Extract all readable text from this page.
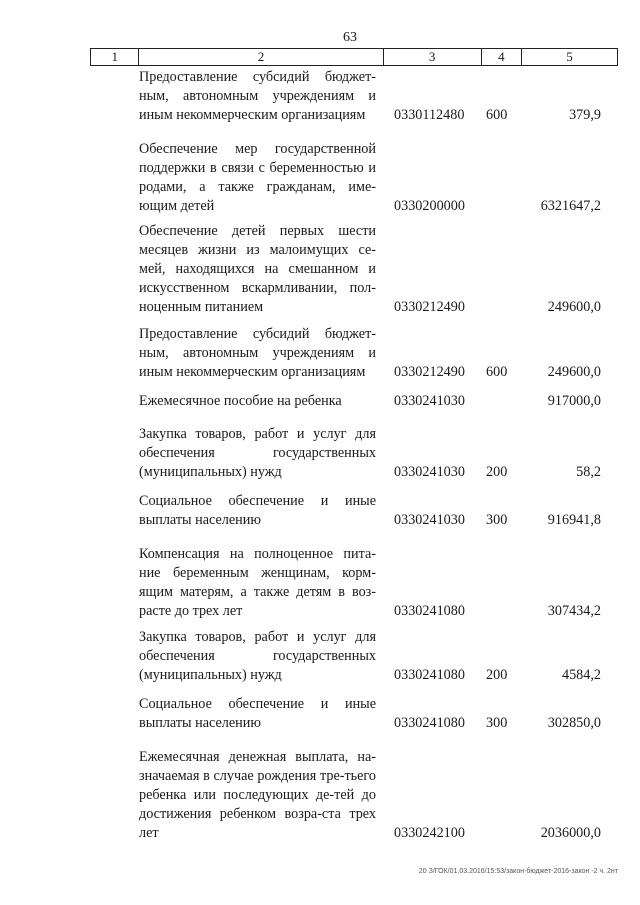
63
1	2	3	4	5
Предоставление субсидий бюджет-ным, автономным учреждениям и иным некоммерческим организациям	0330112480 600	379,9
Обеспечение мер государственной поддержки в связи с беременностью и родами, а также гражданам, име-ющим детей	0330200000	6321647,2
Обеспечение детей первых шести месяцев жизни из малоимущих се-мей, находящихся на смешанном и искусственном вскармливании, пол-ноценным питанием	0330212490	249600,0
Предоставление субсидий бюджет-ным, автономным учреждениям и иным некоммерческим организациям	0330212490 600	249600,0
Ежемесячное пособие на ребенка	0330241030	917000,0
Закупка товаров, работ и услуг для обеспечения государственных (муниципальных) нужд	0330241030 200	58,2
Социальное обеспечение и иные выплаты населению	0330241030 300	916941,8
Компенсация на полноценное пита-ние беременным женщинам, корм-ящим матерям, а также детям в воз-расте до трех лет	0330241080	307434,2
Закупка товаров, работ и услуг для обеспечения государственных (муниципальных) нужд	0330241080 200	4584,2
Социальное обеспечение и иные выплаты населению	0330241080 300	302850,0
Ежемесячная денежная выплата, на-значаемая в случае рождения тре-тьего ребенка или последующих де-тей до достижения ребенком возра-ста трех лет	0330242100	2036000,0
20 З/ГОК/01.03.2016/15:53/закон-бюджет-2016-закон -2 ч. 2нт
